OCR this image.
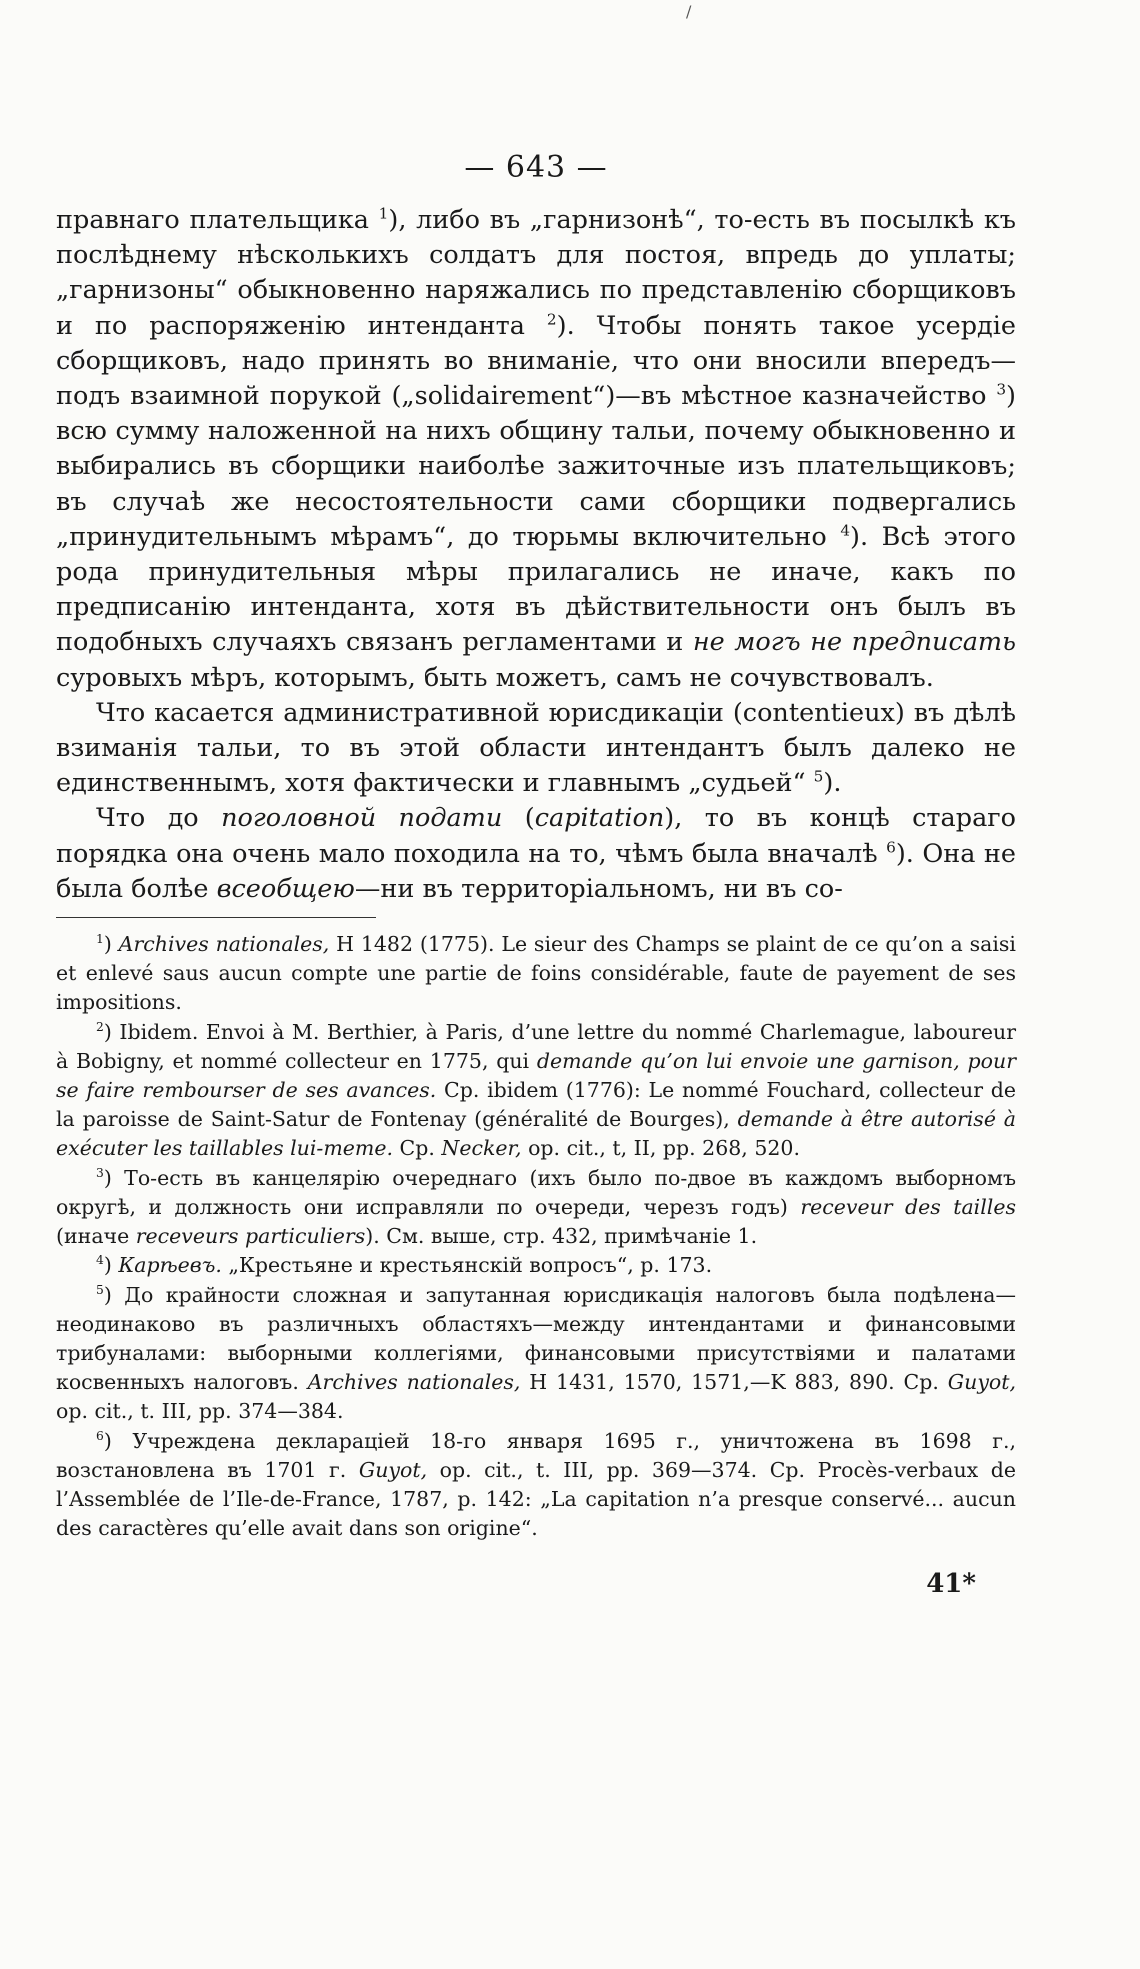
/
— 643 —

правнаго плательщика $^1$), либо въ „гарнизонѣ“, то-есть въ посылкѣ къ послѣднему нѣсколькихъ солдатъ для постоя, впредь до уплаты; „гарнизоны“ обыкновенно наряжались по представленію сборщиковъ и по распоряженію интенданта $^2$). Чтобы понять такое усердіе сборщиковъ, надо принять во вниманіе, что они вносили впередъ—подъ взаимной порукой („solidairement“)—въ мѣстное казначейство $^3$) всю сумму наложенной на нихъ общину тальи, почему обыкновенно и выбирались въ сборщики наиболѣе зажиточные изъ плательщиковъ; въ случаѣ же несостоятельности сами сборщики подвергались „принудительнымъ мѣрамъ“, до тюрьмы включительно $^4$). Всѣ этого рода принудительныя мѣры прилагались не иначе, какъ по предписанію интенданта, хотя въ дѣйствительности онъ былъ въ подобныхъ случаяхъ связанъ регламентами и не могъ не предписать суровыхъ мѣръ, которымъ, быть можетъ, самъ не сочувствовалъ.

Что касается административной юрисдикаціи (contentieux) въ дѣлѣ взиманія тальи, то въ этой области интендантъ былъ далеко не единственнымъ, хотя фактически и главнымъ „судьей“ $^5$).

Что до поголовной подати (capitation), то въ концѣ стараго порядка она очень мало походила на то, чѣмъ была вначалѣ $^6$). Она не была болѣе всеобщею—ни въ территоріальномъ, ни въ со-

$^1$) Archives nationales, H 1482 (1775). Le sieur des Champs se plaint de ce qu’on a saisi et enlevé saus aucun compte une partie de foins considérable, faute de payement de ses impositions.

$^2$) Ibidem. Envoi à M. Berthier, à Paris, d’une lettre du nommé Charlemague, laboureur à Bobigny, et nommé collecteur en 1775, qui demande qu’on lui envoie une garnison, pour se faire rembourser de ses avances. Cp. ibidem (1776): Le nommé Fouchard, collecteur de la paroisse de Saint-Satur de Fontenay (généralité de Bourges), demande à être autorisé à exécuter les taillables lui-meme. Cp. Necker, op. cit., t, II, pp. 268, 520.

$^3$) То-есть въ канцелярію очереднаго (ихъ было по-двое въ каждомъ выборномъ округѣ, и должность они исправляли по очереди, черезъ годъ) receveur des tailles (иначе receveurs particuliers). См. выше, стр. 432, примѣчаніе 1.

$^4$) Карѣевъ. „Крестьяне и крестьянскій вопросъ“, р. 173.

$^5$) До крайности сложная и запутанная юрисдикація налоговъ была подѣлена—неодинаково въ различныхъ областяхъ—между интендантами и финансовыми трибуналами: выборными коллегіями, финансовыми присутствіями и палатами косвенныхъ налоговъ. Archives nationales, H 1431, 1570, 1571,—K 883, 890. Cp. Guyot, op. cit., t. III, pp. 374—384.

$^6$) Учреждена декларацiей 18-го января 1695 г., уничтожена въ 1698 г., возстановлена въ 1701 г. Guyot, op. cit., t. III, pp. 369—374. Cp. Procès-verbaux de l’Assemblée de l’Ile-de-France, 1787, p. 142: „La capitation n’a presque conservé... aucun des caractères qu’elle avait dans son origine“.

41*
